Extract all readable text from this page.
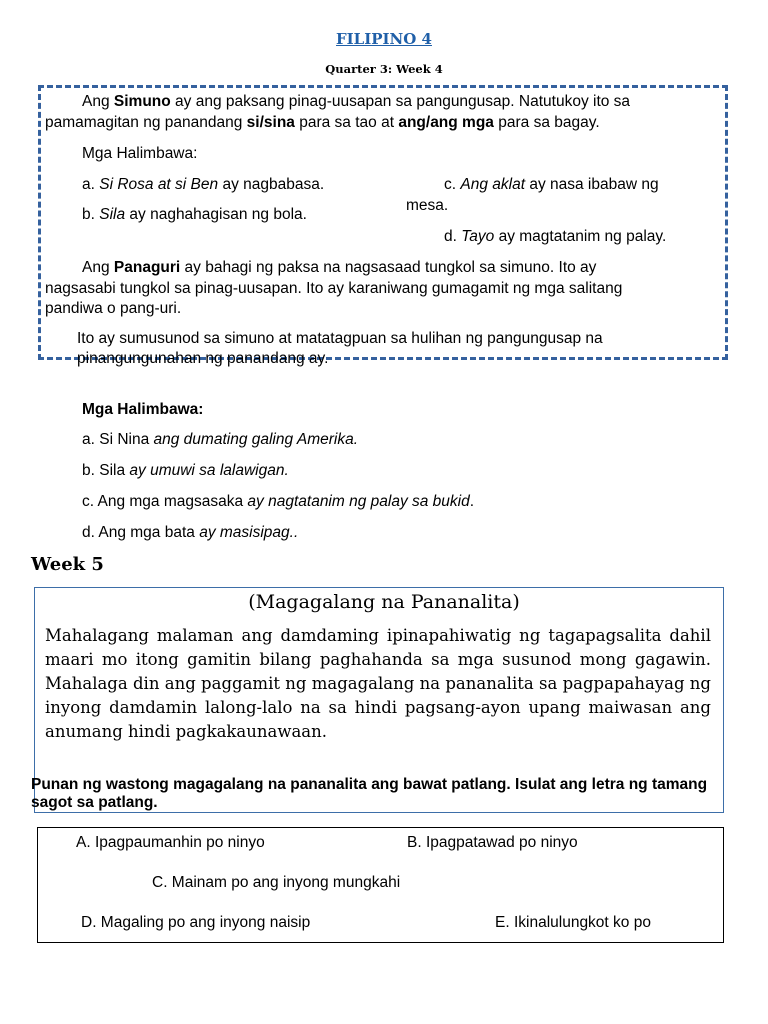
FILIPINO 4
Quarter 3: Week 4
Ang Simuno ay ang paksang pinag-uusapan sa pangungusap. Natutukoy ito sa
pamamagitan ng panandang si/sina para sa tao at ang/ang mga para sa bagay.
Mga Halimbawa:
a. Si Rosa at si Ben ay nagbabasa.
b. Sila ay naghahagisan ng bola.
c. Ang aklat ay nasa ibabaw ng
mesa.
d. Tayo ay magtatanim ng palay.
Ang Panaguri ay bahagi ng paksa na nagsasaad tungkol sa simuno. Ito ay
nagsasabi tungkol sa pinag-uusapan. Ito ay karaniwang gumagamit ng mga salitang
pandiwa o pang-uri.
Ito ay sumusunod sa simuno at matatagpuan sa hulihan ng pangungusap na
pinangungunahan ng panandang ay.
Mga Halimbawa:
a. Si Nina ang dumating galing Amerika.
b. Sila ay umuwi sa lalawigan.
c. Ang mga magsasaka ay nagtatanim ng palay sa bukid.
d. Ang mga bata ay masisipag..
Week 5
(Magagalang na Pananalita)
Mahalagang malaman ang damdaming ipinapahiwatig ng tagapagsalita dahil maari mo itong gamitin bilang paghahanda sa mga susunod mong gagawin. Mahalaga din ang paggamit ng magagalang na pananalita sa pagpapahayag ng inyong damdamin lalong-lalo na sa hindi pagsang-ayon upang maiwasan ang anumang hindi pagkakaunawaan.
Punan ng wastong magagalang na pananalita ang bawat patlang. Isulat ang letra ng tamang sagot sa patlang.
A. Ipagpaumanhin po ninyo	B. Ipagpatawad po ninyo
C. Mainam po ang inyong mungkahi
D. Magaling po ang inyong naisip	E. Ikinalulungkot ko po
